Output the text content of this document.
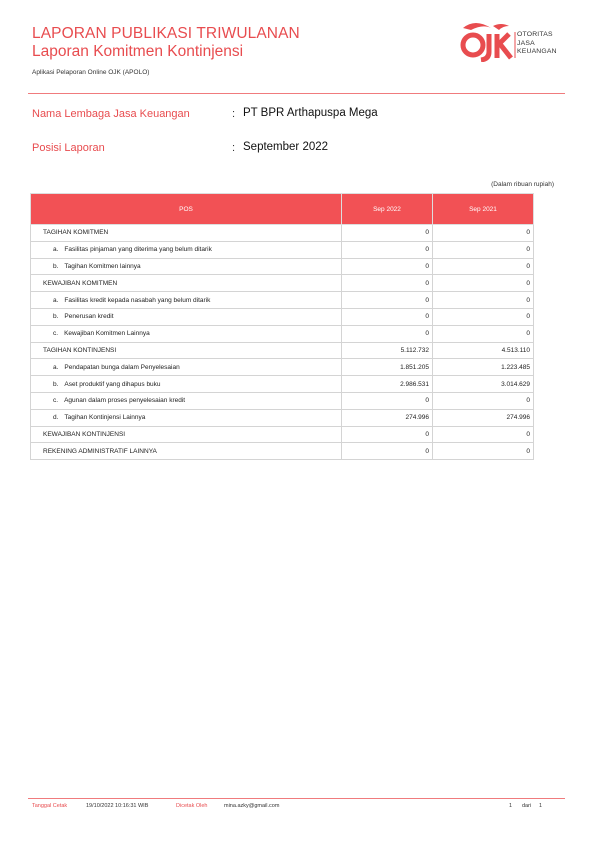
LAPORAN PUBLIKASI TRIWULANAN
Laporan Komitmen Kontinjensi
Aplikasi Pelaporan Online OJK (APOLO)
OTORITAS
JASA
KEUANGAN
Nama Lembaga Jasa Keuangan	: PT BPR Arthapuspa Mega
Posisi Laporan	: September 2022
(Dalam ribuan rupiah)
POS	Sep 2022	Sep 2021
TAGIHAN KOMITMEN	0	0
a. Fasilitas pinjaman yang diterima yang belum ditarik	0	0
b. Tagihan Komitmen lainnya	0	0
KEWAJIBAN KOMITMEN	0	0
a. Fasilitas kredit kepada nasabah yang belum ditarik	0	0
b. Penerusan kredit	0	0
c. Kewajiban Komitmen Lainnya	0	0
TAGIHAN KONTINJENSI	5.112.732	4.513.110
a. Pendapatan bunga dalam Penyelesaian	1.851.205	1.223.485
b. Aset produktif yang dihapus buku	2.986.531	3.014.629
c. Agunan dalam proses penyelesaian kredit	0	0
d. Tagihan Kontinjensi Lainnya	274.996	274.996
KEWAJIBAN KONTINJENSI	0	0
REKENING ADMINISTRATIF LAINNYA	0	0
Tanggal Cetak	19/10/2022 10:16:31 WIB	Dicetak Oleh	mina.azky@gmail.com	1 dari 1
